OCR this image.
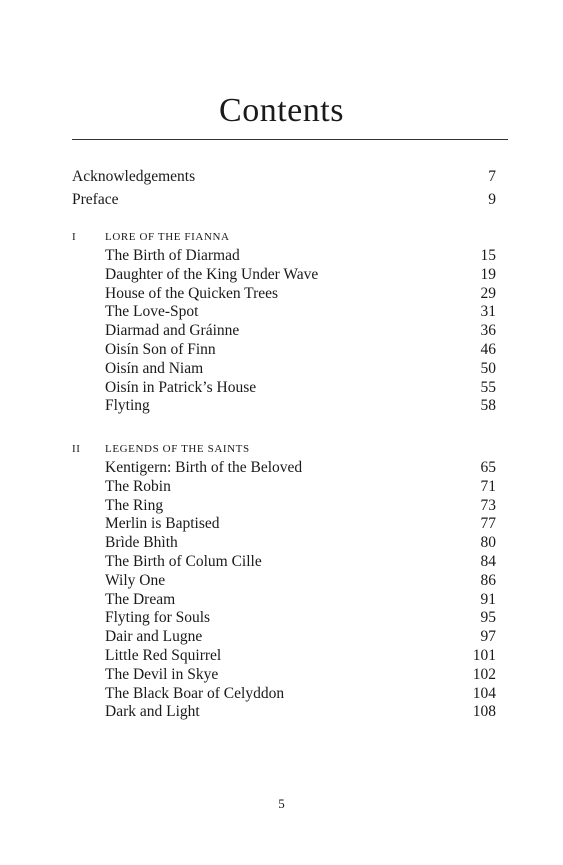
Contents
Acknowledgements	7
Preface	9
I	LORE OF THE FIANNA
The Birth of Diarmad	15
Daughter of the King Under Wave	19
House of the Quicken Trees	29
The Love-Spot	31
Diarmad and Gráinne	36
Oisín Son of Finn	46
Oisín and Niam	50
Oisín in Patrick’s House	55
Flyting	58
II	LEGENDS OF THE SAINTS
Kentigern: Birth of the Beloved	65
The Robin	71
The Ring	73
Merlin is Baptised	77
Brìde Bhìth	80
The Birth of Colum Cille	84
Wily One	86
The Dream	91
Flyting for Souls	95
Dair and Lugne	97
Little Red Squirrel	101
The Devil in Skye	102
The Black Boar of Celyddon	104
Dark and Light	108
5
